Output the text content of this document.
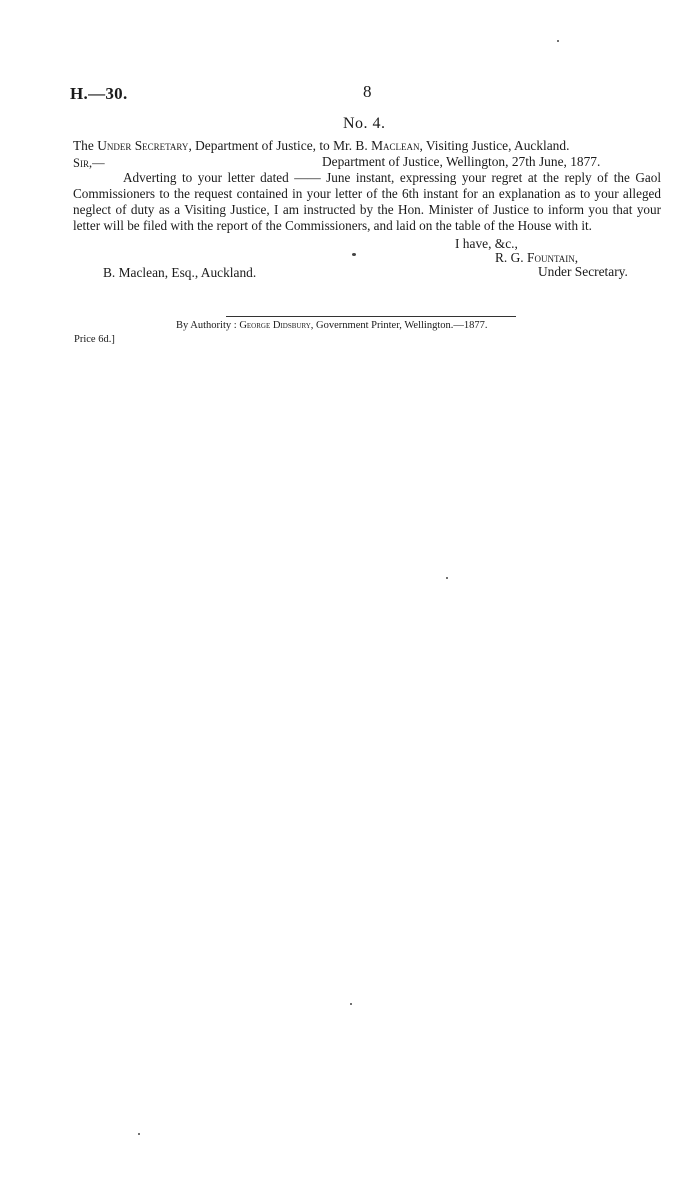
H.—30.	8
No. 4.
The Under Secretary, Department of Justice, to Mr. B. Maclean, Visiting Justice, Auckland.
Sir,—	Department of Justice, Wellington, 27th June, 1877.
Adverting to your letter dated —— June instant, expressing your regret at the reply of the Gaol Commissioners to the request contained in your letter of the 6th instant for an explanation as to your alleged neglect of duty as a Visiting Justice, I am instructed by the Hon. Minister of Justice to inform you that your letter will be filed with the report of the Commissioners, and laid on the table of the House with it.
I have, &c.,
R. G. Fountain,
Under Secretary.
B. Maclean, Esq., Auckland.
By Authority : George Didsbury, Government Printer, Wellington.—1877.
Price 6d.]
